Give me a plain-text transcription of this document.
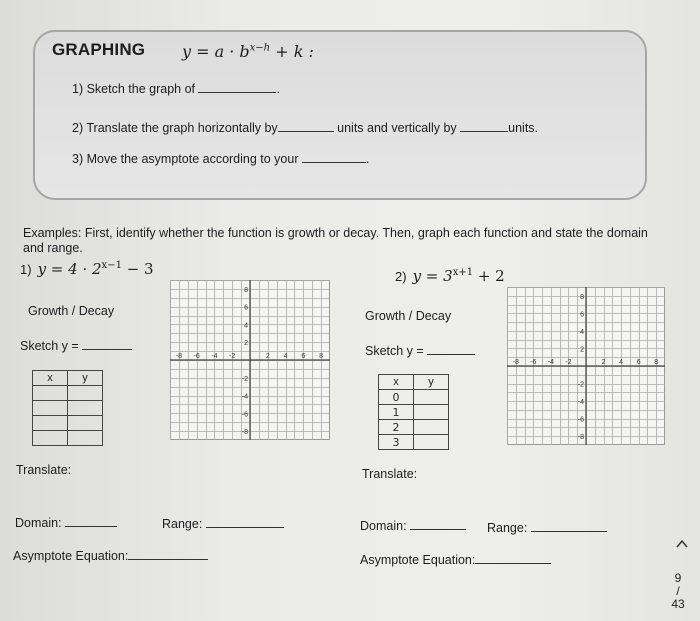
GRAPHING $y = a \cdot b^{x-h} + k$ :
1) Sketch the graph of	.
2) Translate the graph horizontally by	units and vertically by	units.
3) Move the asymptote according to your	.
Examples: First, identify whether the function is growth or decay. Then, graph each function and state the domain and range.
1) $y = 4 \cdot 2^{x-1} - 3$
Growth / Decay
Sketch y =
x	y

-8 -6 -4 -2	2 4 6 8
8
6
4
2
-2
-4
-6
-8
Translate:
Domain:	Range:
Asymptote Equation:
2) $y = 3^{x+1} + 2$
Growth / Decay
Sketch y =
x	y
0	
1	
2	
3	
-8 -6 -4 -2	2 4 6 8
8
6
4
2
-2
-4
-6
-8
Translate:
Domain:	Range:
Asymptote Equation:
9
/
43
